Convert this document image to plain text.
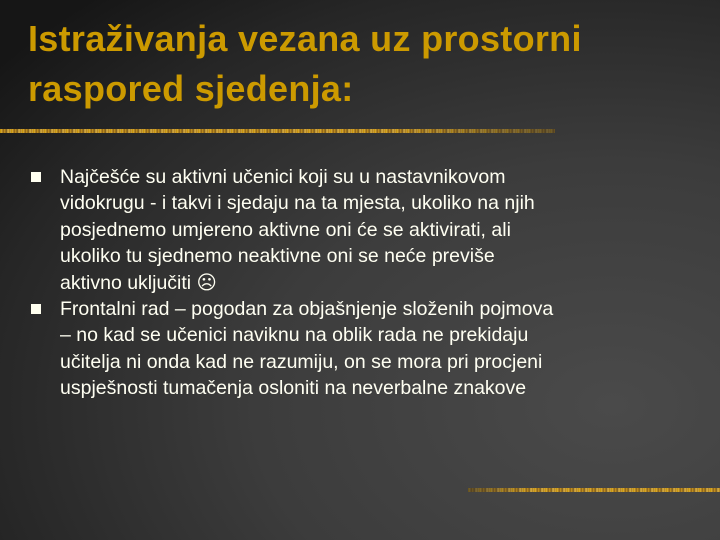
Istraživanja vezana uz prostorni
raspored sjedenja:
Najčešće su aktivni učenici koji su u nastavnikovom
vidokrugu - i takvi i sjedaju na ta mjesta, ukoliko na njih
posjednemo umjereno aktivne oni će se aktivirati, ali
ukoliko tu sjednemo neaktivne oni se neće previše
aktivno uključiti ☹
Frontalni rad – pogodan za objašnjenje složenih pojmova
– no kad se učenici naviknu na oblik rada ne prekidaju
učitelja ni onda kad ne razumiju, on se mora pri procjeni
uspješnosti tumačenja osloniti na neverbalne znakove
